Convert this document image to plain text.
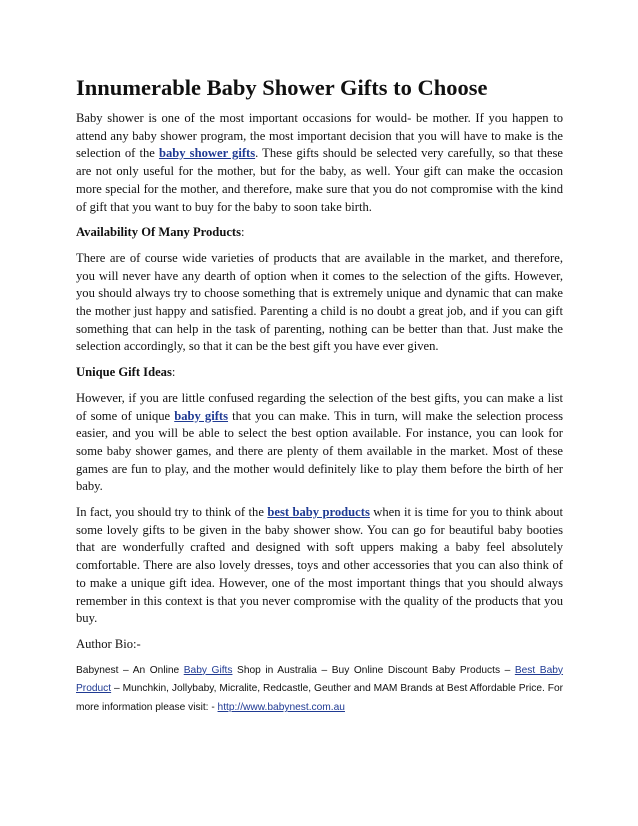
Innumerable Baby Shower Gifts to Choose

Baby shower is one of the most important occasions for would- be mother. If you happen to attend any baby shower program, the most important decision that you will have to make is the selection of the baby shower gifts. These gifts should be selected very carefully, so that these are not only useful for the mother, but for the baby, as well. Your gift can make the occasion more special for the mother, and therefore, make sure that you do not compromise with the kind of gift that you want to buy for the baby to soon take birth.

Availability Of Many Products:

There are of course wide varieties of products that are available in the market, and therefore, you will never have any dearth of option when it comes to the selection of the gifts. However, you should always try to choose something that is extremely unique and dynamic that can make the mother just happy and satisfied. Parenting a child is no doubt a great job, and if you can gift something that can help in the task of parenting, nothing can be better than that. Just make the selection accordingly, so that it can be the best gift you have ever given.

Unique Gift Ideas:

However, if you are little confused regarding the selection of the best gifts, you can make a list of some of unique baby gifts that you can make. This in turn, will make the selection process easier, and you will be able to select the best option available. For instance, you can look for some baby shower games, and there are plenty of them available in the market. Most of these games are fun to play, and the mother would definitely like to play them before the birth of her baby.

In fact, you should try to think of the best baby products when it is time for you to think about some lovely gifts to be given in the baby shower show. You can go for beautiful baby booties that are wonderfully crafted and designed with soft uppers making a baby feel absolutely comfortable. There are also lovely dresses, toys and other accessories that you can also think of to make a unique gift idea. However, one of the most important things that you should always remember in this context is that you never compromise with the quality of the products that you buy.

Author Bio:-

Babynest – An Online Baby Gifts Shop in Australia – Buy Online Discount Baby Products – Best Baby Product – Munchkin, Jollybaby, Micralite, Redcastle, Geuther and MAM Brands at Best Affordable Price. For more information please visit: - http://www.babynest.com.au
